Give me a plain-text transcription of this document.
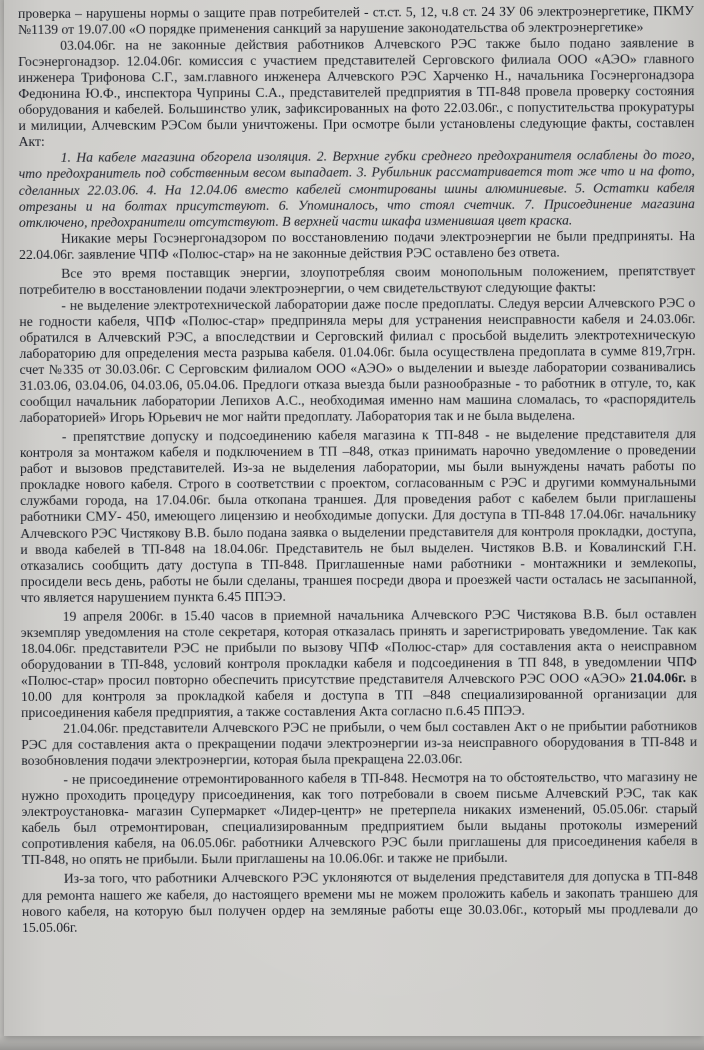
проверка – нарушены нормы о защите прав потребителей - ст.ст. 5, 12, ч.8 ст. 24 ЗУ 06 электроэнергетике, ПКМУ №1139 от 19.07.00 «О порядке применения санкций за нарушение законодательства об электроэнергетике»

03.04.06г. на не законные действия работников Алчевского РЭС также было подано заявление в Госэнергонадзор. 12.04.06г. комиссия с участием представителей Серговского филиала ООО «АЭО» главного инженера Трифонова С.Г., зам.главного инженера Алчевского РЭС Харченко Н., начальника Госэнергонадзора Федюнина Ю.Ф., инспектора Чуприны С.А., представителей предприятия в ТП-848 провела проверку состояния оборудования и кабелей. Большинство улик, зафиксированных на фото 22.03.06г., с попустительства прокуратуры и милиции, Алчевским РЭСом были уничтожены. При осмотре были установлены следующие факты, составлен Акт:

1. На кабеле магазина обгорела изоляция. 2. Верхние губки среднего предохранителя ослаблены до того, что предохранитель под собственным весом выпадает. 3. Рубильник рассматривается тот же что и на фото, сделанных 22.03.06. 4. На 12.04.06 вместо кабелей смонтированы шины алюминиевые. 5. Остатки кабеля отрезаны и на болтах присутствуют. 6. Упоминалось, что стоял счетчик. 7. Присоединение магазина отключено, предохранители отсутствуют. В верхней части шкафа изменившая цвет краска.

Никакие меры Госэнергонадзором по восстановлению подачи электроэнергии не были предприняты. На 22.04.06г. заявление ЧПФ «Полюс-стар» на не законные действия РЭС оставлено без ответа.

Все это время поставщик энергии, злоупотребляя своим монопольным положением, препятствует потребителю в восстановлении подачи электроэнергии, о чем свидетельствуют следующие факты:

- не выделение электротехнической лаборатории даже после предоплаты. Следуя версии Алчевского РЭС о не годности кабеля, ЧПФ «Полюс-стар» предприняла меры для устранения неисправности кабеля и 24.03.06г. обратился в Алчевский РЭС, а впоследствии и Серговский филиал с просьбой выделить электротехническую лабораторию для определения места разрыва кабеля. 01.04.06г. была осуществлена предоплата в сумме 819,7грн. счет №335 от 30.03.06г. С Серговским филиалом ООО «АЭО» о выделении и выезде лаборатории созванивались 31.03.06, 03.04.06, 04.03.06, 05.04.06. Предлоги отказа выезда были разнообразные - то работник в отгуле, то, как сообщил начальник лаборатории Лепихов А.С., необходимая именно нам машина сломалась, то «распорядитель лабораторией» Игорь Юрьевич не мог найти предоплату. Лаборатория так и не была выделена.

- препятствие допуску и подсоединению кабеля магазина к ТП-848 - не выделение представителя для контроля за монтажом кабеля и подключением в ТП –848, отказ принимать нарочно уведомление о проведении работ и вызовов представителей. Из-за не выделения лаборатории, мы были вынуждены начать работы по прокладке нового кабеля. Строго в соответствии с проектом, согласованным с РЭС и другими коммунальными службами города, на 17.04.06г. была откопана траншея. Для проведения работ с кабелем были приглашены работники СМУ- 450, имеющего лицензию и необходимые допуски. Для доступа в ТП-848 17.04.06г. начальнику Алчевского РЭС Чистякову В.В. было подана заявка о выделении представителя для контроля прокладки, доступа, и ввода кабелей в ТП-848 на 18.04.06г. Представитель не был выделен. Чистяков В.В. и Ковалинский Г.Н. отказались сообщить дату доступа в ТП-848. Приглашенные нами работники - монтажники и землекопы, просидели весь день, работы не были сделаны, траншея посреди двора и проезжей части осталась не засыпанной, что является нарушением пункта 6.45 ППЭЭ.

19 апреля 2006г. в 15.40 часов в приемной начальника Алчевского РЭС Чистякова В.В. был оставлен экземпляр уведомления на столе секретаря, которая отказалась принять и зарегистрировать уведомление. Так как 18.04.06г. представители РЭС не прибыли по вызову ЧПФ «Полюс-стар» для составления акта о неисправном оборудовании в ТП-848, условий контроля прокладки кабеля и подсоединения в ТП 848, в уведомлении ЧПФ «Полюс-стар» просил повторно обеспечить присутствие представителя Алчевского РЭС ООО «АЭО» 21.04.06г. в 10.00 для контроля за прокладкой кабеля и доступа в ТП –848 специализированной организации для присоединения кабеля предприятия, а также составления Акта согласно п.6.45 ППЭЭ.

21.04.06г. представители Алчевского РЭС не прибыли, о чем был составлен Акт о не прибытии работников РЭС для составления акта о прекращении подачи электроэнергии из-за неисправного оборудования в ТП-848 и возобновления подачи электроэнергии, которая была прекращена 22.03.06г.

- не присоединение отремонтированного кабеля в ТП-848. Несмотря на то обстоятельство, что магазину не нужно проходить процедуру присоединения, как того потребовали в своем письме Алчевский РЭС, так как электроустановка- магазин Супермаркет «Лидер-центр» не претерпела никаких изменений, 05.05.06г. старый кабель был отремонтирован, специализированным предприятием были выданы протоколы измерений сопротивления кабеля, на 06.05.06г. работники Алчевского РЭС были приглашены для присоединения кабеля в ТП-848, но опять не прибыли. Были приглашены на 10.06.06г. и также не прибыли.

Из-за того, что работники Алчевского РЭС уклоняются от выделения представителя для допуска в ТП-848 для ремонта нашего же кабеля, до настоящего времени мы не можем проложить кабель и закопать траншею для нового кабеля, на которую был получен ордер на земляные работы еще 30.03.06г., который мы продлевали до 15.05.06г.
